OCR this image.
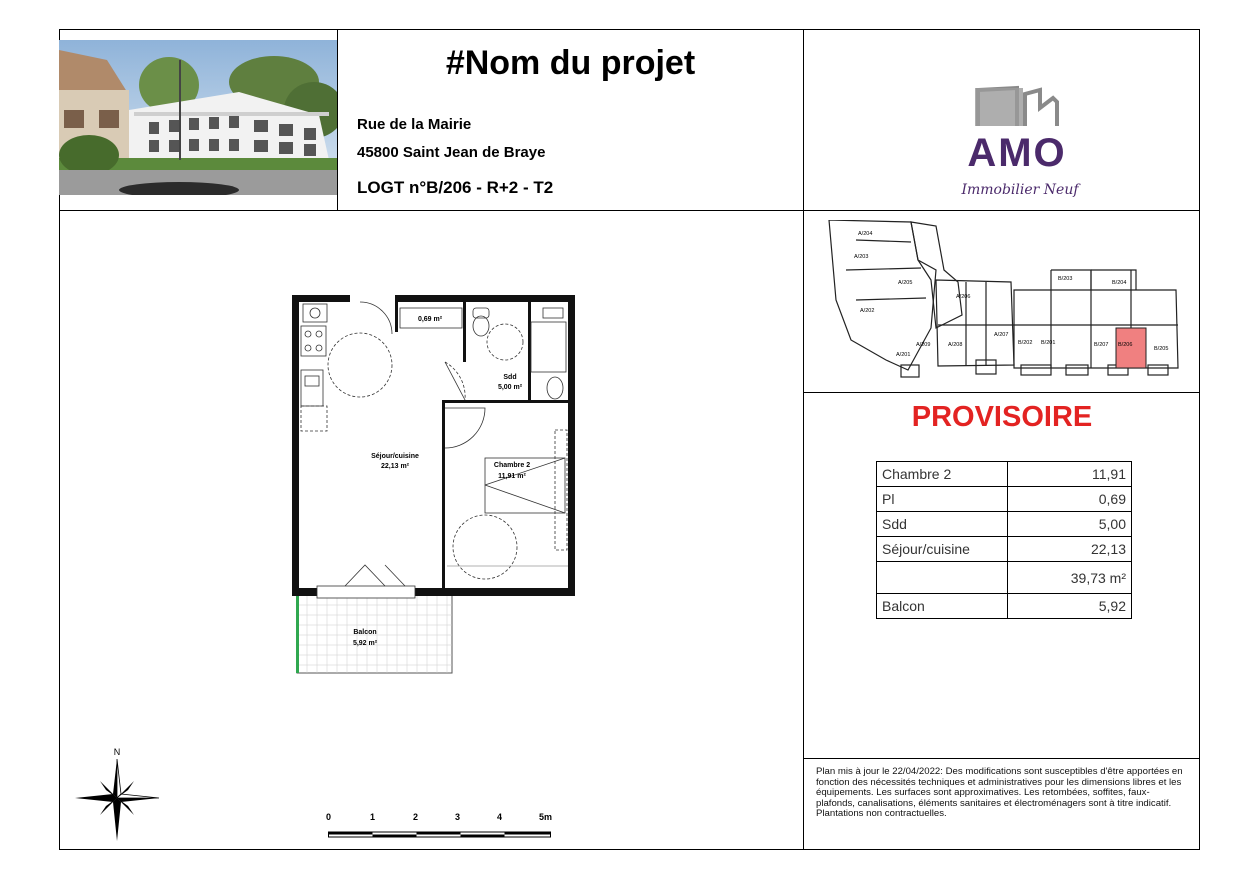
#Nom du projet
Rue de la Mairie
45800 Saint Jean de Braye
LOGT n°B/206 - R+2 - T2
AMO
Immobilier Neuf
A/204
A/203
A/205
A/206
A/202
A/207
A/209	A/208
A/201
B/203
B/204
B/202 B/201	B/207 B/206
B/205
PROVISOIRE
Chambre 2	11,91
Pl	0,69
Sdd	5,00
Séjour/cuisine	22,13
	39,73 m²
Balcon	5,92
Plan mis à jour le 22/04/2022: Des modifications sont susceptibles d'être apportées en fonction des nécessités techniques et administratives pour les dimensions libres et les équipements. Les surfaces sont approximatives. Les retombées, soffites, faux-plafonds, canalisations, éléments sanitaires et électroménagers sont à titre indicatif. Plantations non contractuelles.
0,69 m²
Sdd
5,00 m²
Séjour/cuisine
22,13 m²	Chambre 2
11,91 m²
Balcon
5,92 m²
N
0	1	2	3	4	5m
